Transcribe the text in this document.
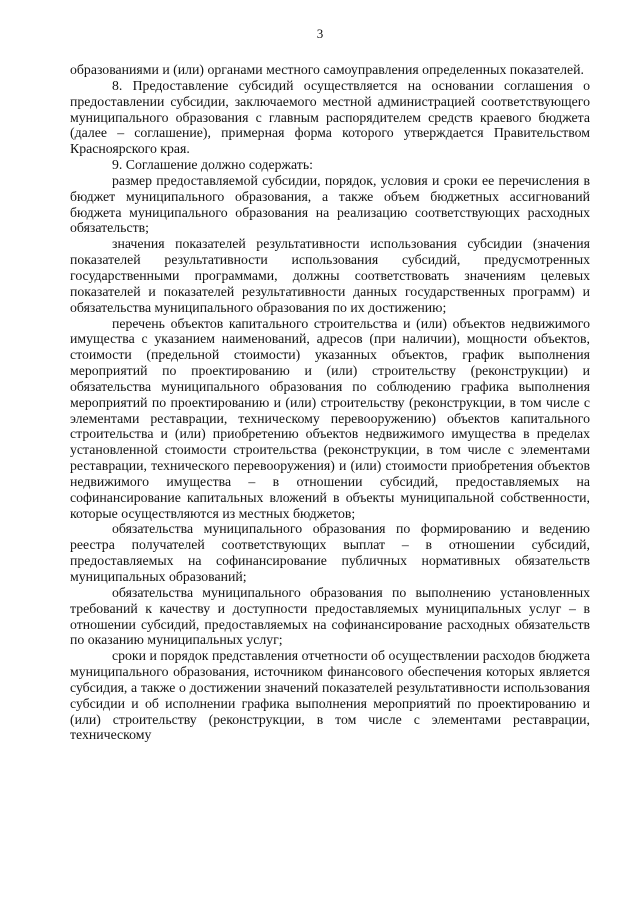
3

образованиями и (или) органами местного самоуправления определенных показателей.

8. Предоставление субсидий осуществляется на основании соглашения о предоставлении субсидии, заключаемого местной администрацией соответствующего муниципального образования с главным распорядителем средств краевого бюджета (далее – соглашение), примерная форма которого утверждается Правительством Красноярского края.

9. Соглашение должно содержать:

размер предоставляемой субсидии, порядок, условия и сроки ее перечисления в бюджет муниципального образования, а также объем бюджетных ассигнований бюджета муниципального образования на реализацию соответствующих расходных обязательств;

значения показателей результативности использования субсидии (значения показателей результативности использования субсидий, предусмотренных государственными программами, должны соответствовать значениям целевых показателей и показателей результативности данных государственных программ) и обязательства муниципального образования по их достижению;

перечень объектов капитального строительства и (или) объектов недвижимого имущества с указанием наименований, адресов (при наличии), мощности объектов, стоимости (предельной стоимости) указанных объектов, график выполнения мероприятий по проектированию и (или) строительству (реконструкции) и обязательства муниципального образования по соблюдению графика выполнения мероприятий по проектированию и (или) строительству (реконструкции, в том числе с элементами реставрации, техническому перевооружению) объектов капитального строительства и (или) приобретению объектов недвижимого имущества в пределах установленной стоимости строительства (реконструкции, в том числе с элементами реставрации, технического перевооружения) и (или) стоимости приобретения объектов недвижимого имущества – в отношении субсидий, предоставляемых на софинансирование капитальных вложений в объекты муниципальной собственности, которые осуществляются из местных бюджетов;

обязательства муниципального образования по формированию и ведению реестра получателей соответствующих выплат – в отношении субсидий, предоставляемых на софинансирование публичных нормативных обязательств муниципальных образований;

обязательства муниципального образования по выполнению установленных требований к качеству и доступности предоставляемых муниципальных услуг – в отношении субсидий, предоставляемых на софинансирование расходных обязательств по оказанию муниципальных услуг;

сроки и порядок представления отчетности об осуществлении расходов бюджета муниципального образования, источником финансового обеспечения которых является субсидия, а также о достижении значений показателей результативности использования субсидии и об исполнении графика выполнения мероприятий по проектированию и (или) строительству (реконструкции, в том числе с элементами реставрации, техническому
